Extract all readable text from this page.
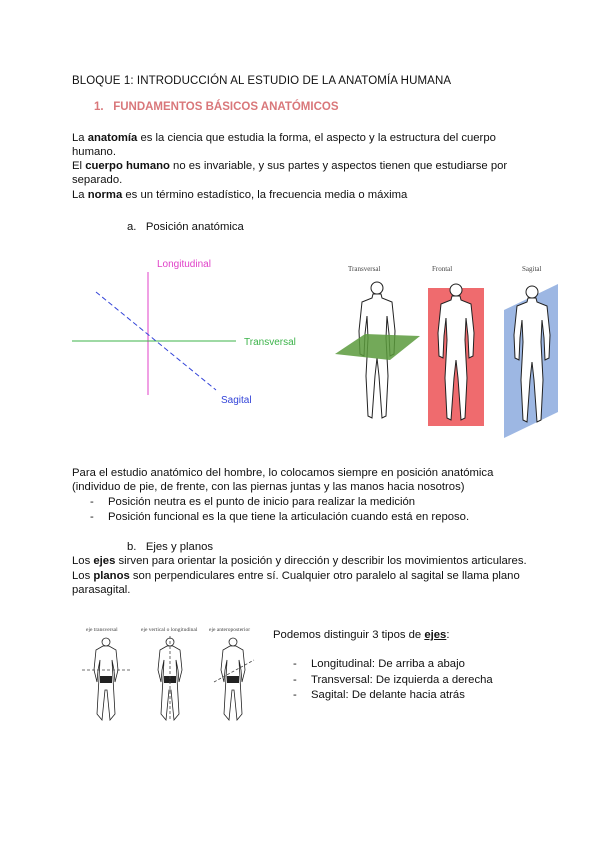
BLOQUE 1: INTRODUCCIÓN AL ESTUDIO DE LA ANATOMÍA HUMANA
1. FUNDAMENTOS BÁSICOS ANATÓMICOS
La anatomía es la ciencia que estudia la forma, el aspecto y la estructura del cuerpo
humano.
El cuerpo humano no es invariable, y sus partes y aspectos tienen que estudiarse por
separado.
La norma es un término estadístico, la frecuencia media o máxima
a. Posición anatómica
Longitudinal
Transversal
Sagital
Transversal	Frontal	Sagital
Para el estudio anatómico del hombre, lo colocamos siempre en posición anatómica
(individuo de pie, de frente, con las piernas juntas y las manos hacia nosotros)
- Posición neutra es el punto de inicio para realizar la medición
- Posición funcional es la que tiene la articulación cuando está en reposo.
b. Ejes y planos
Los ejes sirven para orientar la posición y dirección y describir los movimientos articulares.
Los planos son perpendiculares entre sí. Cualquier otro paralelo al sagital se llama plano
parasagital.
eje transversal	eje vertical o longitudinal eje anteroposterior Podemos distinguir 3 tipos de ejes:
- Longitudinal: De arriba a abajo
- Transversal: De izquierda a derecha
- Sagital: De delante hacia atrás
